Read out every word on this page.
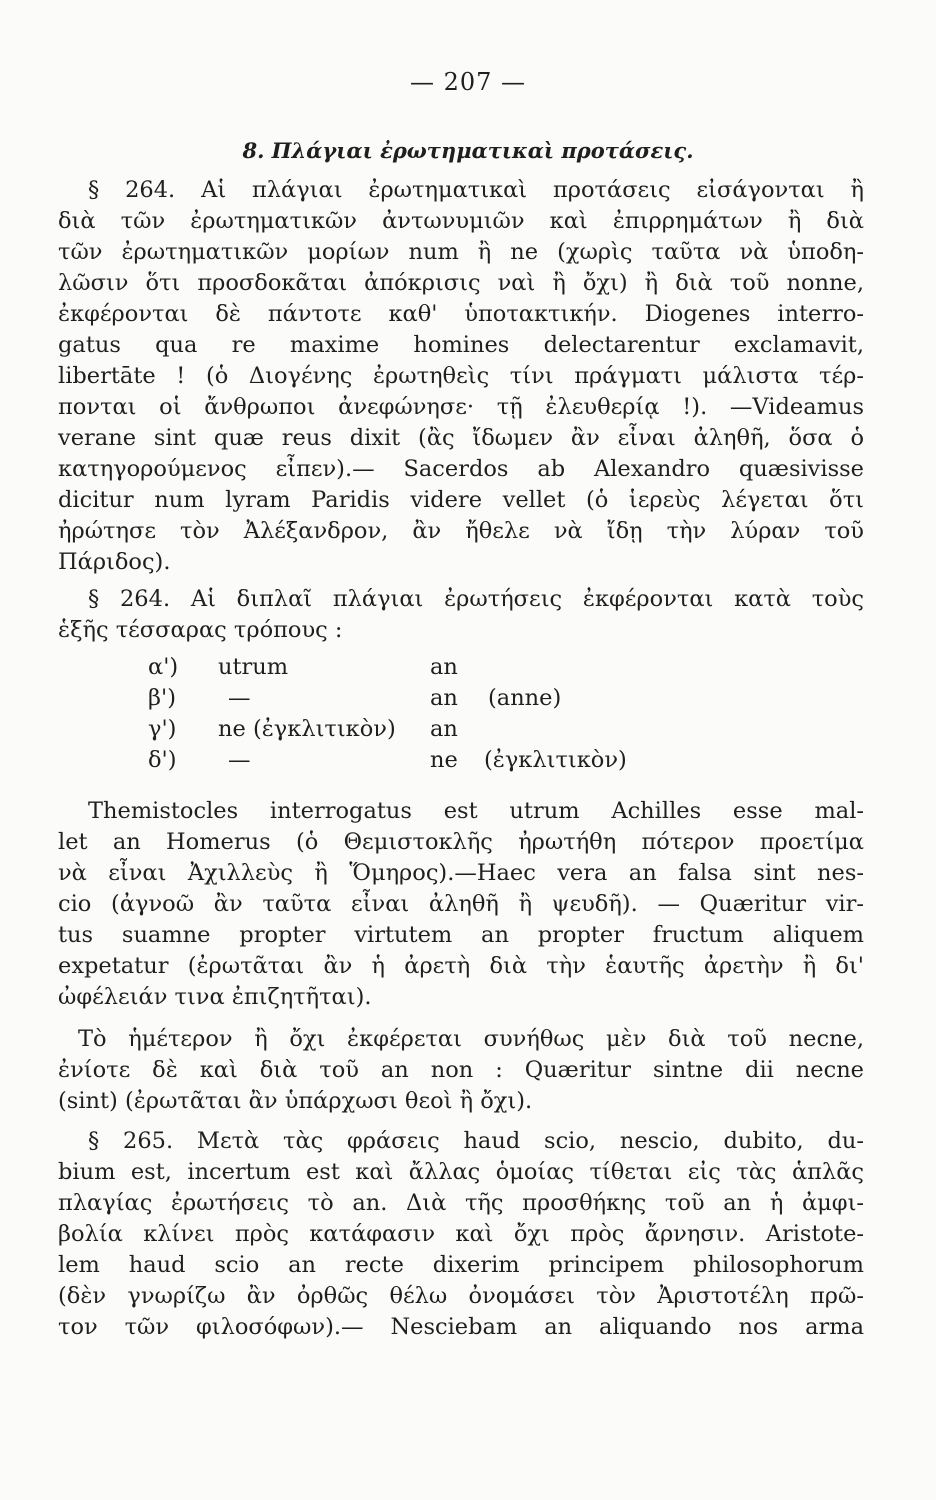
— 207 —
8. Πλάγιαι ἐρωτηματικαὶ προτάσεις.
§ 264. Αἱ πλάγιαι ἐρωτηματικαὶ προτάσεις εἰσάγονται ἢ
διὰ τῶν ἐρωτηματικῶν ἀντωνυμιῶν καὶ ἐπιρρημάτων ἢ διὰ
τῶν ἐρωτηματικῶν μορίων num ἢ ne (χωρὶς ταῦτα νὰ ὑποδη-
λῶσιν ὅτι προσδοκᾶται ἀπόκρισις ναὶ ἢ ὄχι) ἢ διὰ τοῦ nonne,
ἐκφέρονται δὲ πάντοτε καθ' ὑποτακτικήν. Diogenes interro-
gatus qua re maxime homines delectarentur exclamavit,
libertāte ! (ὁ Διογένης ἐρωτηθεὶς τίνι πράγματι μάλιστα τέρ-
πονται οἱ ἄνθρωποι ἀνεφώνησε· τῇ ἐλευθερίᾳ !). —Videamus
verane sint quæ reus dixit (ἂς ἴδωμεν ἂν εἶναι ἀληθῆ, ὅσα ὁ
κατηγορούμενος εἶπεν).— Sacerdos ab Alexandro quæsivisse
dicitur num lyram Paridis videre vellet (ὁ ἱερεὺς λέγεται ὅτι
ἠρώτησε τὸν Ἀλέξανδρον, ἂν ἤθελε νὰ ἴδῃ τὴν λύραν τοῦ
Πάριδος).
§ 264. Αἱ διπλαῖ πλάγιαι ἐρωτήσεις ἐκφέρονται κατὰ τοὺς
ἑξῆς τέσσαρας τρόπους :
α') utrum	an
β') —	an (anne)
γ') ne (ἐγκλιτικὸν) an
δ') —	ne (ἐγκλιτικὸν)
Themistocles interrogatus est utrum Achilles esse mal-
let an Homerus (ὁ Θεμιστοκλῆς ἠρωτήθη πότερον προετίμα
νὰ εἶναι Ἀχιλλεὺς ἢ Ὅμηρος).—Haec vera an falsa sint nes-
cio (ἀγνοῶ ἂν ταῦτα εἶναι ἀληθῆ ἢ ψευδῆ). — Quæritur vir-
tus suamne propter virtutem an propter fructum aliquem
expetatur (ἐρωτᾶται ἂν ἡ ἀρετὴ διὰ τὴν ἑαυτῆς ἀρετὴν ἢ δι'
ὠφέλειάν τινα ἐπιζητῆται).
Τὸ ἡμέτερον ἢ ὄχι ἐκφέρεται συνήθως μὲν διὰ τοῦ necne,
ἐνίοτε δὲ καὶ διὰ τοῦ an non : Quæritur sintne dii necne
(sint) (ἐρωτᾶται ἂν ὑπάρχωσι θεοὶ ἢ ὄχι).
§ 265. Μετὰ τὰς φράσεις haud scio, nescio, dubito, du-
bium est, incertum est καὶ ἄλλας ὁμοίας τίθεται εἰς τὰς ἁπλᾶς
πλαγίας ἐρωτήσεις τὸ an. Διὰ τῆς προσθήκης τοῦ an ἡ ἀμφι-
βολία κλίνει πρὸς κατάφασιν καὶ ὄχι πρὸς ἄρνησιν. Aristote-
lem haud scio an recte dixerim principem philosophorum
(δὲν γνωρίζω ἂν ὀρθῶς θέλω ὀνομάσει τὸν Ἀριστοτέλη πρῶ-
τον τῶν φιλοσόφων).— Nesciebam an aliquando nos arma
